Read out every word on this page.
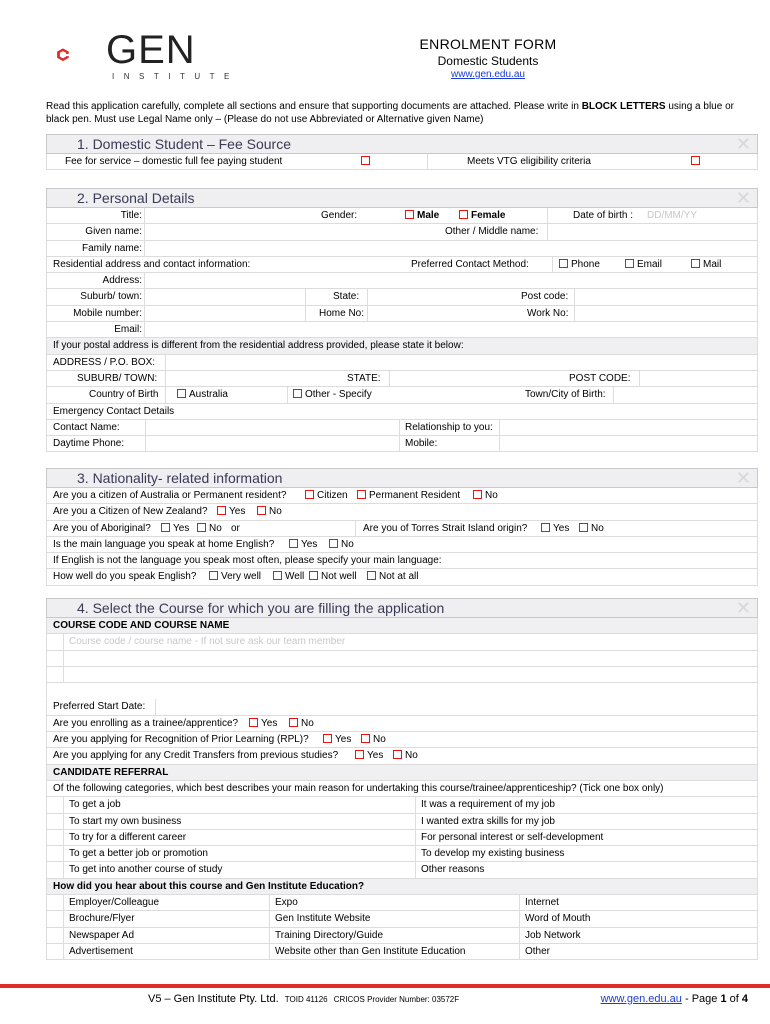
GEN
INSTITUTE
ENROLMENT FORM
Domestic Students
www.gen.edu.au
Read this application carefully, complete all sections and ensure that supporting documents are attached. Please write in BLOCK LETTERS using a blue or black pen. Must use Legal Name only – (Please do not use Abbreviated or Alternative given Name)
1. Domestic Student – Fee Source	✕
Fee for service – domestic full fee paying student	Meets VTG eligibility criteria
2. Personal Details	✕
Title:	Gender:	Male	Female	Date of birth : DD/MM/YY
Given name:	Other / Middle name:
Family name:
Residential address and contact information:	Preferred Contact Method:	Phone	Email	Mail
Address:
Suburb/ town:	State:	Post code:
Mobile number:	Home No:	Work No:
Email:
If your postal address is different from the residential address provided, please state it below:
ADDRESS / P.O. BOX:
SUBURB/ TOWN:	STATE:	POST CODE:
Country of Birth	Australia	Other - Specify	Town/City of Birth:
Emergency Contact Details
Contact Name:	Relationship to you:
Daytime Phone:	Mobile:
3. Nationality- related information	✕
Are you a citizen of Australia or Permanent resident?	Citizen	Permanent Resident	No
Are you a Citizen of New Zealand?	Yes	No
Are you of Aboriginal?	Yes	No or	Are you of Torres Strait Island origin?	Yes	No
Is the main language you speak at home English?	Yes	No
If English is not the language you speak most often, please specify your main language:
How well do you speak English?	Very well	Well	Not well	Not at all
4. Select the Course for which you are filling the application	✕
COURSE CODE AND COURSE NAME
Course code / course name - If not sure ask our team member
Preferred Start Date:
Are you enrolling as a trainee/apprentice?	Yes	No
Are you applying for Recognition of Prior Learning (RPL)?	Yes	No
Are you applying for any Credit Transfers from previous studies?	Yes	No
CANDIDATE REFERRAL
Of the following categories, which best describes your main reason for undertaking this course/trainee/apprenticeship? (Tick one box only)
To get a job	It was a requirement of my job
To start my own business	I wanted extra skills for my job
To try for a different career	For personal interest or self-development
To get a better job or promotion	To develop my existing business
To get into another course of study	Other reasons
How did you hear about this course and Gen Institute Education?
Employer/Colleague	Expo	Internet
Brochure/Flyer	Gen Institute Website	Word of Mouth
Newspaper Ad	Training Directory/Guide	Job Network
Advertisement	Website other than Gen Institute Education	Other
V5 – Gen Institute Pty. Ltd. TOID 41126 CRICOS Provider Number: 03572F	www.gen.edu.au - Page 1 of 4
